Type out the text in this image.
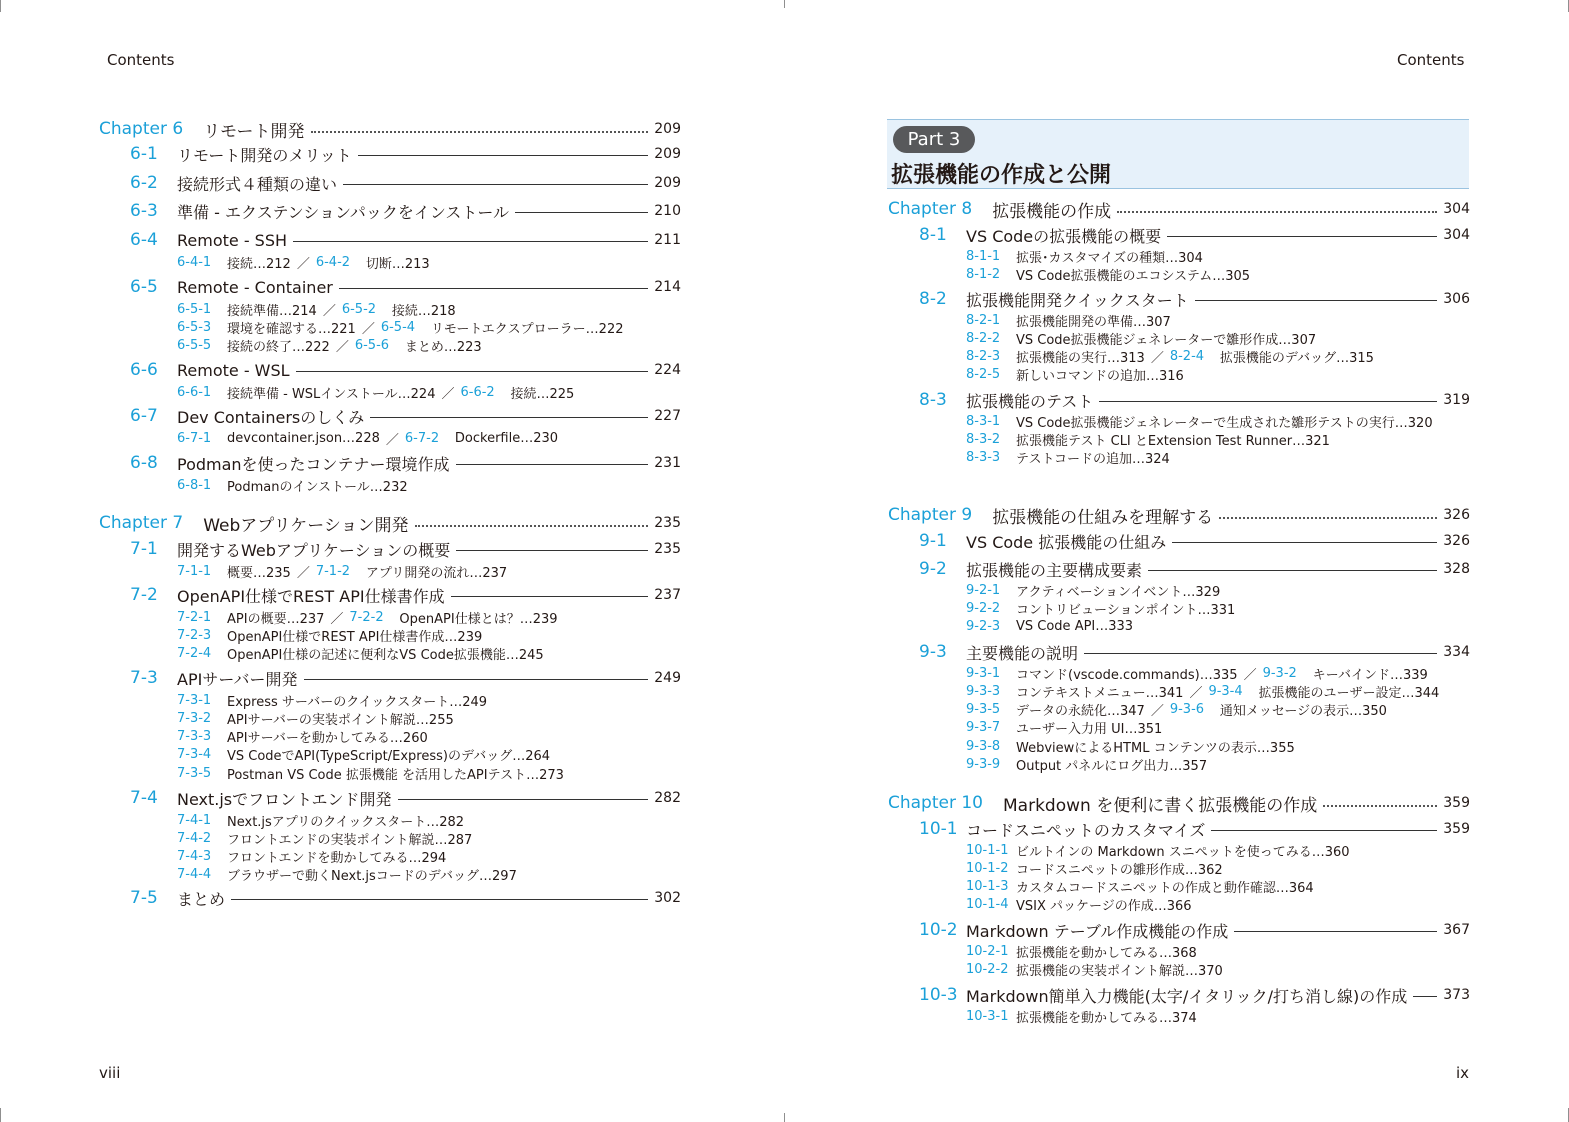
Contents	Contents
viii	ix
Part 3
拡張機能の作成と公開
Chapter 6 リモート開発	209
6-1	リモート開発のメリット	209
6-2	接続形式４種類の違い	209
6-3	準備 - エクステンションパックをインストール	210
6-4	Remote - SSH	211
6-4-1	接続…212 ／ 6-4-2	切断…213
6-5	Remote - Container	214
6-5-1	接続準備…214 ／ 6-5-2	接続…218
6-5-3	環境を確認する…221 ／ 6-5-4	リモートエクスプローラー…222
6-5-5	接続の終了…222 ／ 6-5-6	まとめ…223
6-6	Remote - WSL	224
6-6-1	接続準備 - WSLインストール…224 ／ 6-6-2	接続…225
6-7	Dev Containersのしくみ	227
6-7-1	devcontainer.json…228 ／ 6-7-2	Dockerfile…230
6-8	Podmanを使ったコンテナー環境作成	231
6-8-1	Podmanのインストール…232
Chapter 7 Webアプリケーション開発	235
7-1	開発するWebアプリケーションの概要	235
7-1-1	概要…235 ／ 7-1-2	アプリ開発の流れ…237
7-2	OpenAPI仕様でREST API仕様書作成	237
7-2-1	APIの概要…237 ／ 7-2-2	OpenAPI仕様とは？…239
7-2-3	OpenAPI仕様でREST API仕様書作成…239
7-2-4	OpenAPI仕様の記述に便利なVS Code拡張機能…245
7-3	APIサーバー開発	249
7-3-1	Express サーバーのクイックスタート…249
7-3-2	APIサーバーの実装ポイント解説…255
7-3-3	APIサーバーを動かしてみる…260
7-3-4	VS CodeでAPI(TypeScript/Express)のデバッグ…264
7-3-5	Postman VS Code 拡張機能 を活用したAPIテスト…273
7-4	Next.jsでフロントエンド開発	282
7-4-1	Next.jsアプリのクイックスタート…282
7-4-2	フロントエンドの実装ポイント解説…287
7-4-3	フロントエンドを動かしてみる…294
7-4-4	ブラウザーで動くNext.jsコードのデバッグ…297
7-5	まとめ	302
Chapter 8 拡張機能の作成	304
8-1	VS Codeの拡張機能の概要	304
8-1-1	拡張･カスタマイズの種類…304
8-1-2	VS Code拡張機能のエコシステム…305
8-2	拡張機能開発クイックスタート	306
8-2-1	拡張機能開発の準備…307
8-2-2	VS Code拡張機能ジェネレーターで雛形作成…307
8-2-3	拡張機能の実行…313 ／ 8-2-4	拡張機能のデバッグ…315
8-2-5	新しいコマンドの追加…316
8-3	拡張機能のテスト	319
8-3-1	VS Code拡張機能ジェネレーターで生成された雛形テストの実行…320
8-3-2	拡張機能テスト CLI とExtension Test Runner…321
8-3-3	テストコードの追加…324
Chapter 9 拡張機能の仕組みを理解する	326
9-1	VS Code 拡張機能の仕組み	326
9-2	拡張機能の主要構成要素	328
9-2-1	アクティベーションイベント…329
9-2-2	コントリビューションポイント…331
9-2-3	VS Code API…333
9-3	主要機能の説明	334
9-3-1	コマンド(vscode.commands)…335 ／ 9-3-2	キーバインド…339
9-3-3	コンテキストメニュー…341 ／ 9-3-4	拡張機能のユーザー設定…344
9-3-5	データの永続化…347 ／ 9-3-6	通知メッセージの表示…350
9-3-7	ユーザー入力用 UI…351
9-3-8	WebviewによるHTML コンテンツの表示…355
9-3-9	Output パネルにログ出力…357
Chapter 10 Markdown を便利に書く拡張機能の作成	359
10-1 コードスニペットのカスタマイズ	359
10-1-1 ビルトインの Markdown スニペットを使ってみる…360
10-1-2 コードスニペットの雛形作成…362
10-1-3 カスタムコードスニペットの作成と動作確認…364
10-1-4 VSIX パッケージの作成…366
10-2 Markdown テーブル作成機能の作成	367
10-2-1 拡張機能を動かしてみる…368
10-2-2 拡張機能の実装ポイント解説…370
10-3 Markdown簡単入力機能(太字/イタリック/打ち消し線)の作成	373
10-3-1 拡張機能を動かしてみる…374
